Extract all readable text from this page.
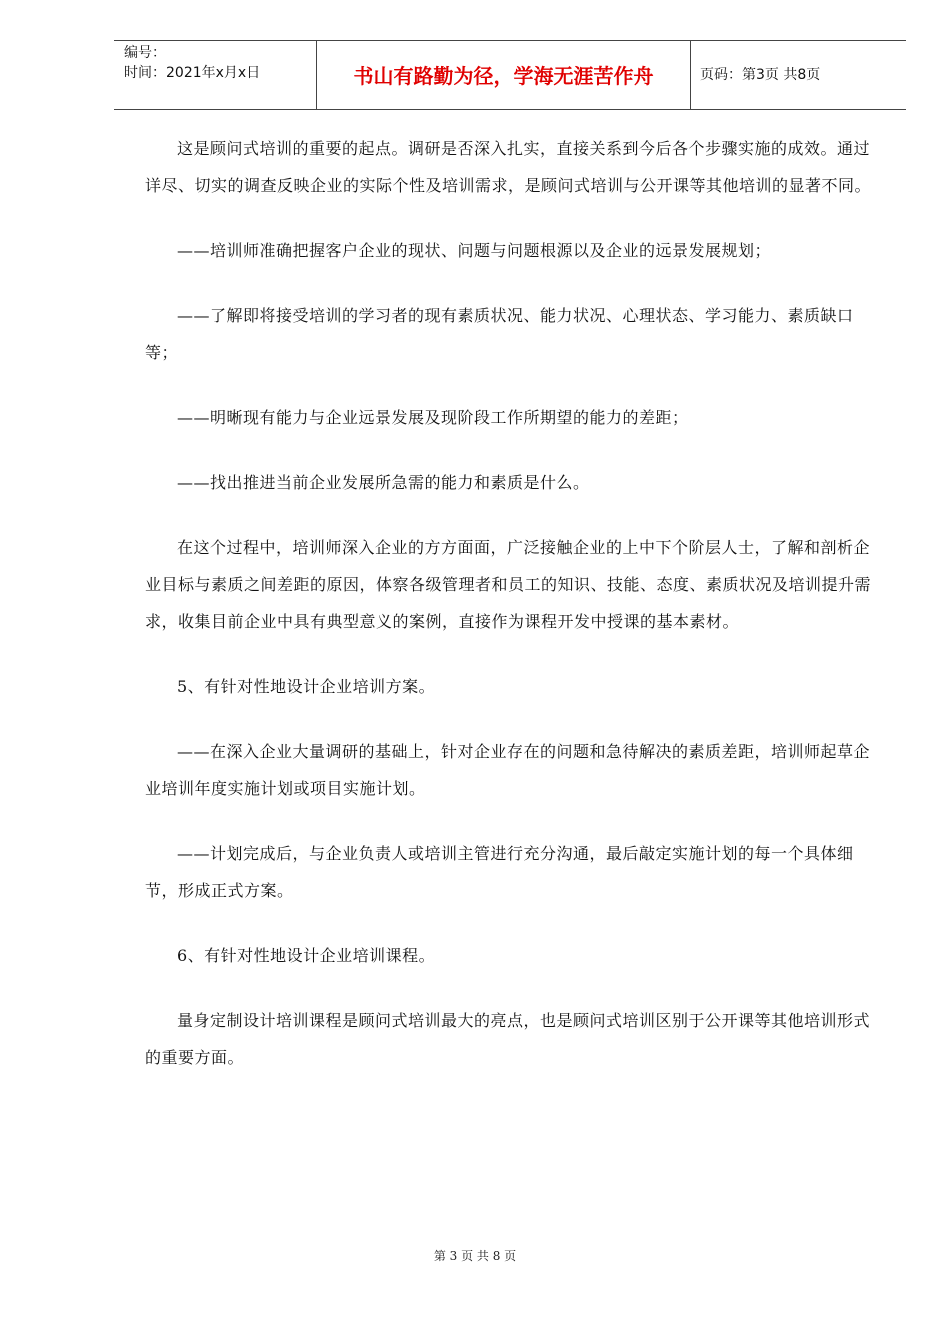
编号：
时间：2021年x月x日	书山有路勤为径，学海无涯苦作舟	页码：第3页 共8页

这是顾问式培训的重要的起点。调研是否深入扎实，直接关系到今后各个步骤实施的成效。通过详尽、切实的调查反映企业的实际个性及培训需求，是顾问式培训与公开课等其他培训的显著不同。

——培训师准确把握客户企业的现状、问题与问题根源以及企业的远景发展规划；

——了解即将接受培训的学习者的现有素质状况、能力状况、心理状态、学习能力、素质缺口等；

——明晰现有能力与企业远景发展及现阶段工作所期望的能力的差距；

——找出推进当前企业发展所急需的能力和素质是什么。

在这个过程中，培训师深入企业的方方面面，广泛接触企业的上中下个阶层人士，了解和剖析企业目标与素质之间差距的原因，体察各级管理者和员工的知识、技能、态度、素质状况及培训提升需求，收集目前企业中具有典型意义的案例，直接作为课程开发中授课的基本素材。

5、有针对性地设计企业培训方案。

——在深入企业大量调研的基础上，针对企业存在的问题和急待解决的素质差距，培训师起草企业培训年度实施计划或项目实施计划。

——计划完成后，与企业负责人或培训主管进行充分沟通，最后敲定实施计划的每一个具体细节，形成正式方案。

6、有针对性地设计企业培训课程。

量身定制设计培训课程是顾问式培训最大的亮点，也是顾问式培训区别于公开课等其他培训形式的重要方面。

第 3 页 共 8 页
